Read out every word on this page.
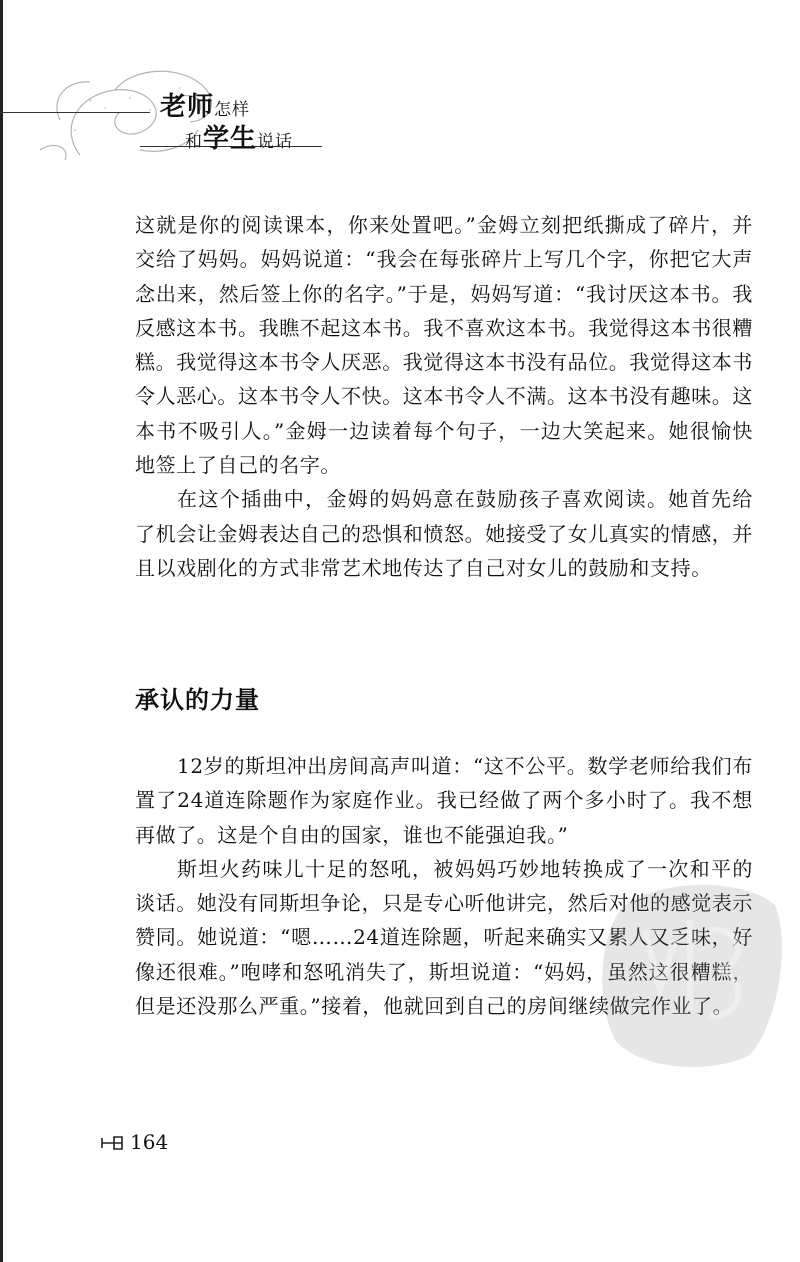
老师怎样
和学生说话

这就是你的阅读课本，你来处置吧。”金姆立刻把纸撕成了碎片，并交给了妈妈。妈妈说道：“我会在每张碎片上写几个字，你把它大声念出来，然后签上你的名字。”于是，妈妈写道：“我讨厌这本书。我反感这本书。我瞧不起这本书。我不喜欢这本书。我觉得这本书很糟糕。我觉得这本书令人厌恶。我觉得这本书没有品位。我觉得这本书令人恶心。这本书令人不快。这本书令人不满。这本书没有趣味。这本书不吸引人。”金姆一边读着每个句子，一边大笑起来。她很愉快地签上了自己的名字。

在这个插曲中，金姆的妈妈意在鼓励孩子喜欢阅读。她首先给了机会让金姆表达自己的恐惧和愤怒。她接受了女儿真实的情感，并且以戏剧化的方式非常艺术地传达了自己对女儿的鼓励和支持。

承认的力量

12岁的斯坦冲出房间高声叫道：“这不公平。数学老师给我们布置了24道连除题作为家庭作业。我已经做了两个多小时了。我不想再做了。这是个自由的国家，谁也不能强迫我。”

斯坦火药味儿十足的怒吼，被妈妈巧妙地转换成了一次和平的谈话。她没有同斯坦争论，只是专心听他讲完，然后对他的感觉表示赞同。她说道：“嗯……24道连除题，听起来确实又累人又乏味，好像还很难。”咆哮和怒吼消失了，斯坦说道：“妈妈，虽然这很糟糕，但是还没那么严重。”接着，他就回到自己的房间继续做完作业了。

164
